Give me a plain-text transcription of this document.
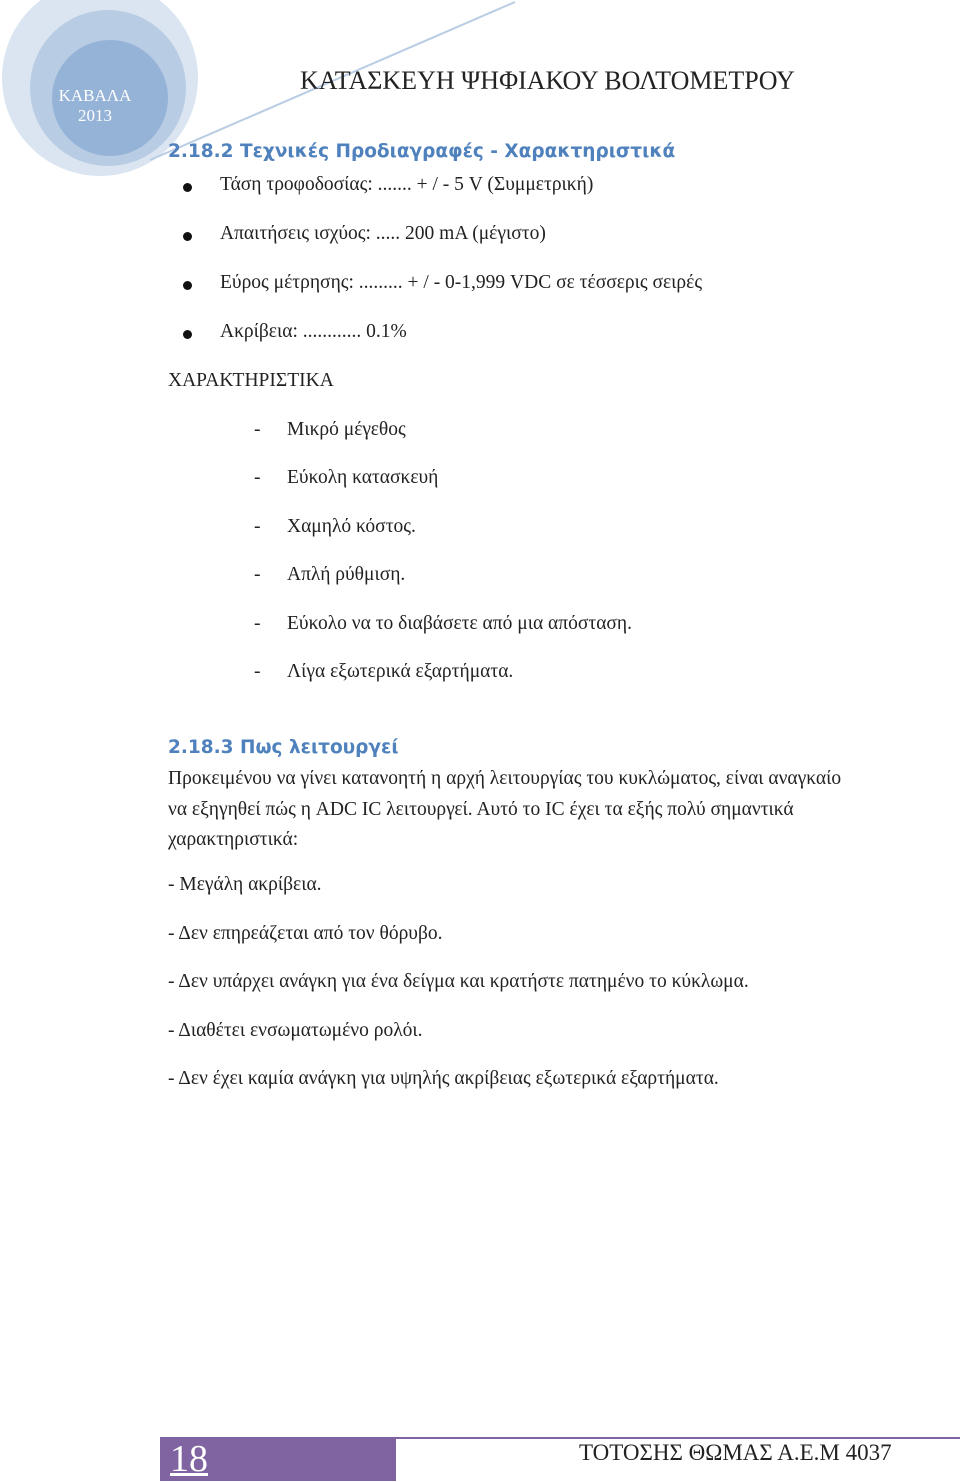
ΚΑΒΑΛΑ
2013
ΚΑΤΑΣΚΕΥΗ ΨΗΦΙΑΚΟΥ ΒΟΛΤΟΜΕΤΡΟΥ
2.18.2 Τεχνικές Προδιαγραφές - Χαρακτηριστικά
Τάση τροφοδοσίας: ....... + / - 5 V (Συμμετρική)
Απαιτήσεις ισχύος: ..... 200 mA (μέγιστο)
Εύρος μέτρησης: ......... + / - 0-1,999 VDC σε τέσσερις σειρές
Ακρίβεια: ............ 0.1%
ΧΑΡΑΚΤΗΡΙΣΤΙΚΑ
- Μικρό μέγεθος
- Εύκολη κατασκευή
- Χαμηλό κόστος.
- Απλή ρύθμιση.
- Εύκολο να το διαβάσετε από μια απόσταση.
- Λίγα εξωτερικά εξαρτήματα.
2.18.3 Πως λειτουργεί
Προκειμένου να γίνει κατανοητή η αρχή λειτουργίας του κυκλώματος, είναι αναγκαίο
να εξηγηθεί πώς η ADC IC λειτουργεί. Αυτό το IC έχει τα εξής πολύ σημαντικά
χαρακτηριστικά:
- Μεγάλη ακρίβεια.
- Δεν επηρεάζεται από τον θόρυβο.
- Δεν υπάρχει ανάγκη για ένα δείγμα και κρατήστε πατημένο το κύκλωμα.
- Διαθέτει ενσωματωμένο ρολόι.
- Δεν έχει καμία ανάγκη για υψηλής ακρίβειας εξωτερικά εξαρτήματα.
18	ΤΟΤΟΣΗΣ ΘΩΜΑΣ Α.Ε.Μ 4037
